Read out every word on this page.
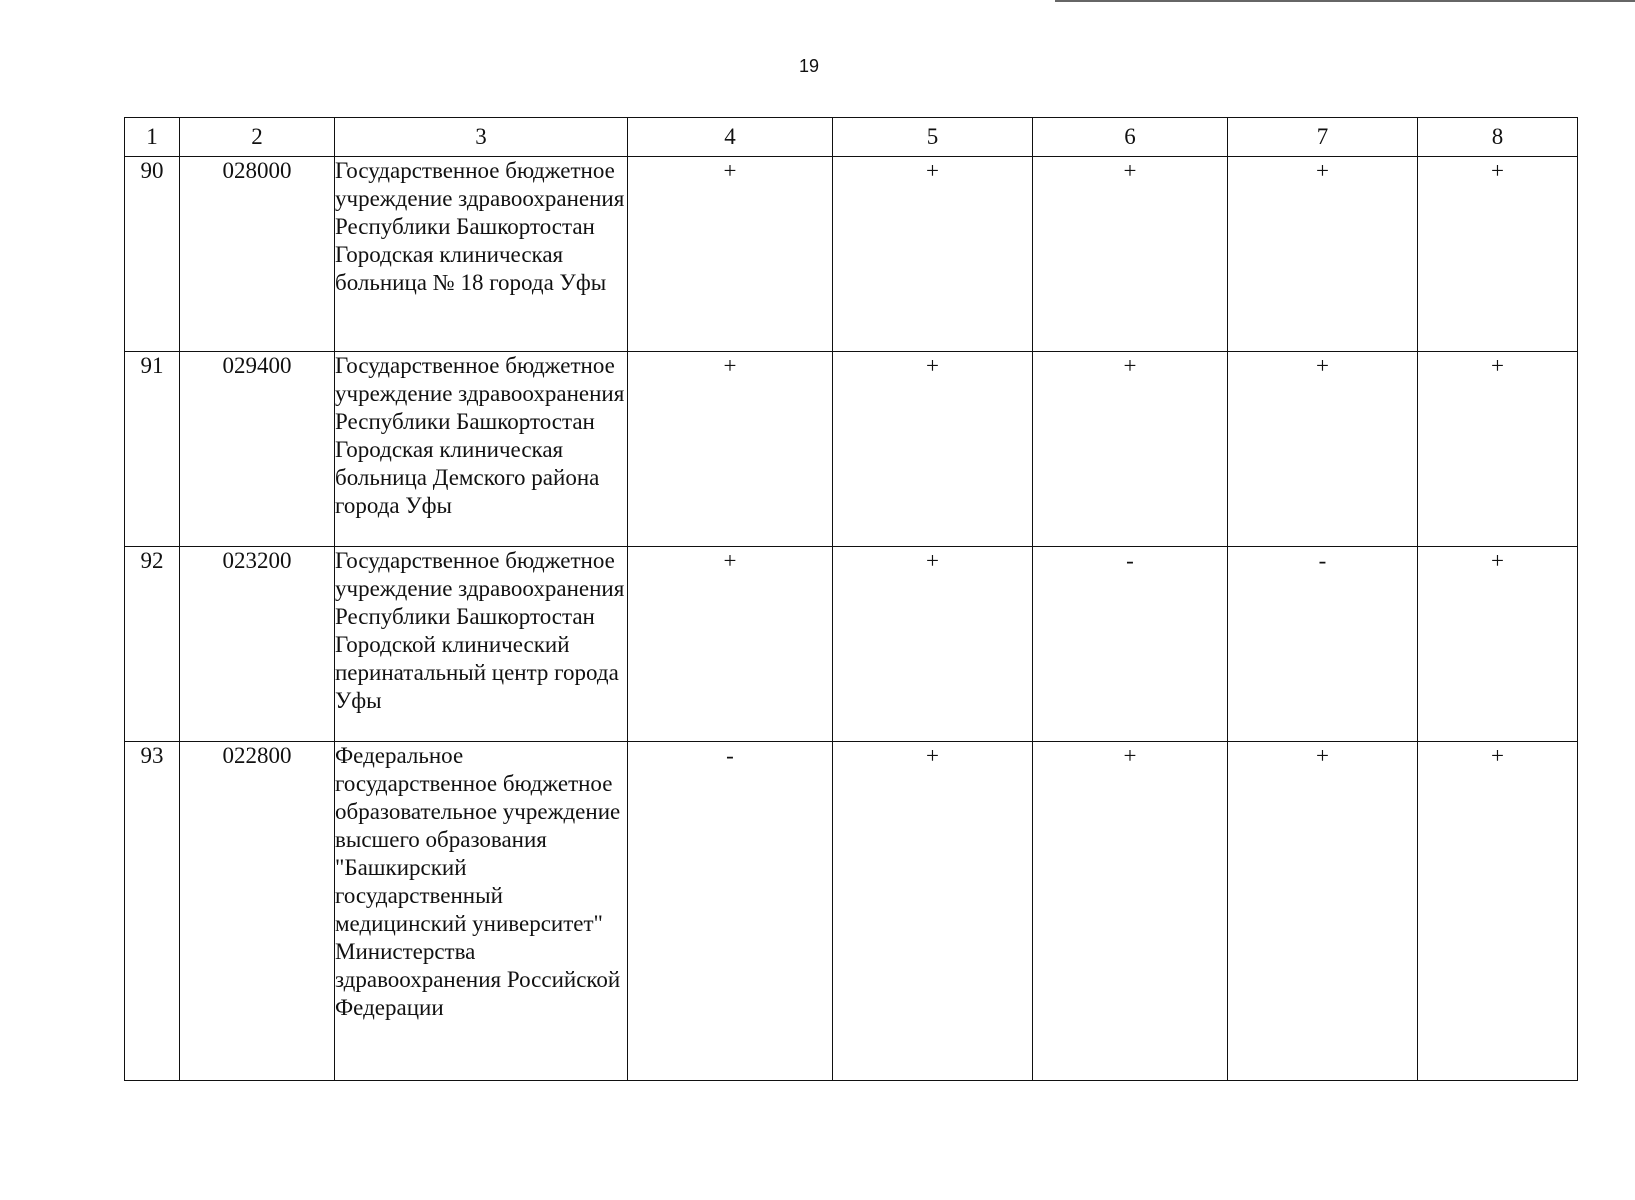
19
1	2	3	4	5	6	7	8
90	028000	Государственное бюджетное учреждение здравоохранения Республики Башкортостан Городская клиническая больница № 18 города Уфы	+	+	+	+	+
91	029400	Государственное бюджетное учреждение здравоохранения Республики Башкортостан Городская клиническая больница Демского района города Уфы	+	+	+	+	+
92	023200	Государственное бюджетное учреждение здравоохранения Республики Башкортостан Городской клинический перинатальный центр города Уфы	+	+	-	-	+
93	022800	Федеральное государственное бюджетное образовательное учреждение высшего образования "Башкирский государственный медицинский университет" Министерства здравоохранения Российской Федерации	-	+	+	+	+
